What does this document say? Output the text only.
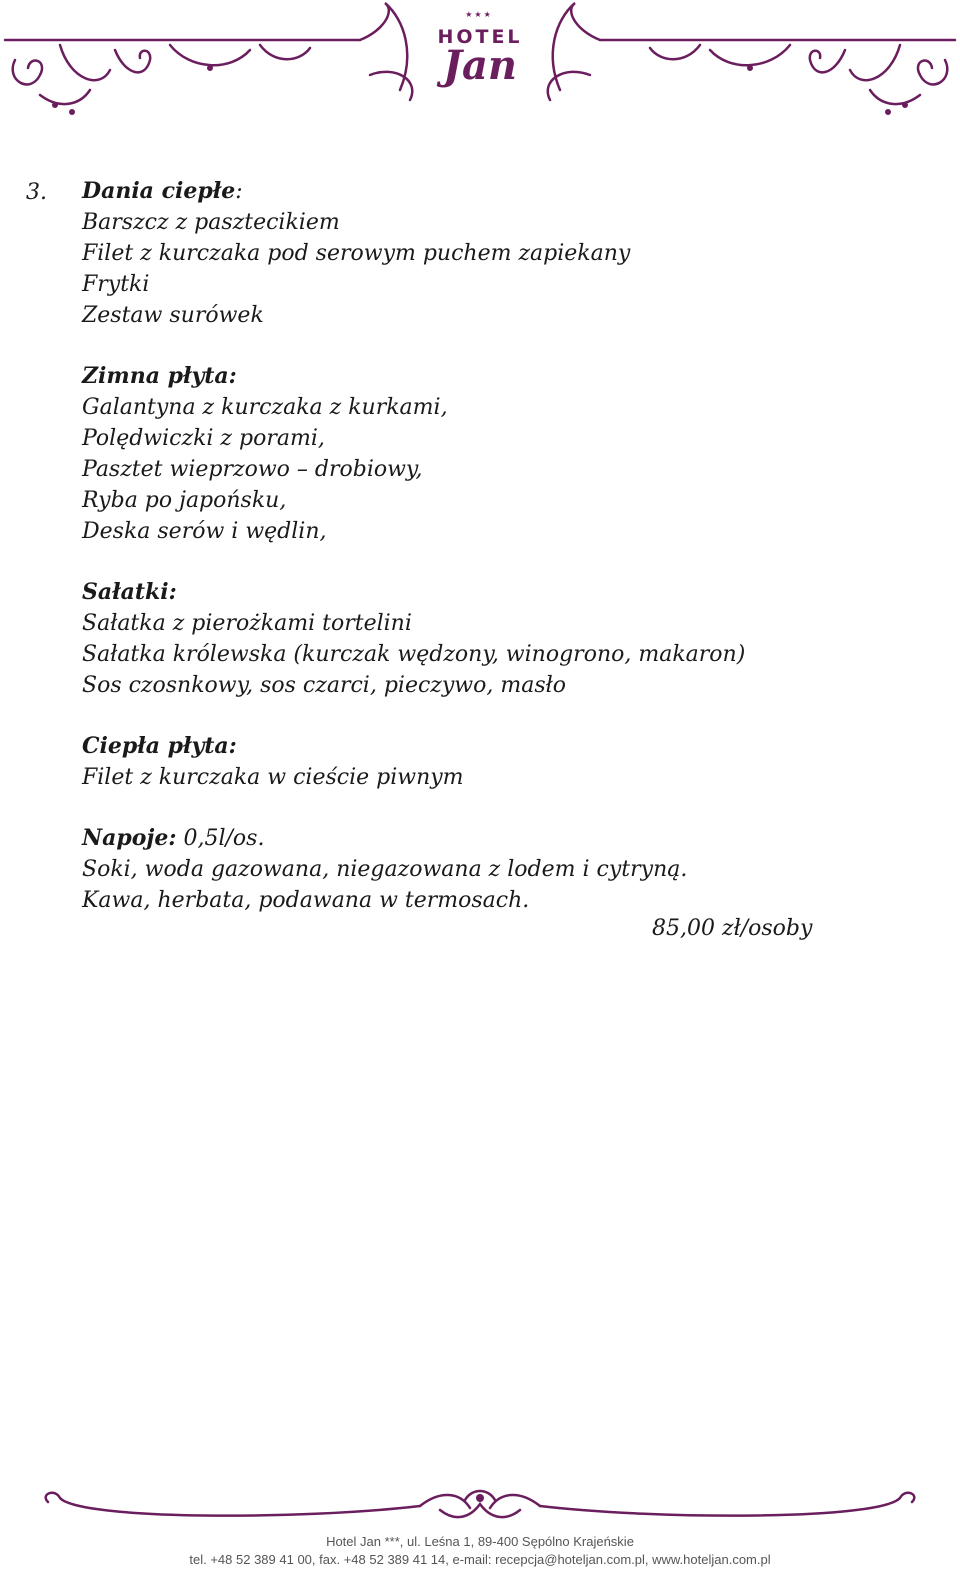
★★★
HOTEL
Jan
3. Dania ciepłe:
Barszcz z pasztecikiem
Filet z kurczaka pod serowym puchem zapiekany
Frytki
Zestaw surówek
Zimna płyta:
Galantyna z kurczaka z kurkami,
Polędwiczki z porami,
Pasztet wieprzowo – drobiowy,
Ryba po japońsku,
Deska serów i wędlin,
Sałatki:
Sałatka z pierożkami tortelini
Sałatka królewska (kurczak wędzony, winogrono, makaron)
Sos czosnkowy, sos czarci, pieczywo, masło
Ciepła płyta:
Filet z kurczaka w cieście piwnym
Napoje: 0,5l/os.
Soki, woda gazowana, niegazowana z lodem i cytryną.
Kawa, herbata, podawana w termosach.
85,00 zł/osoby
Hotel Jan ***, ul. Leśna 1, 89-400 Sępólno Krajeńskie
tel. +48 52 389 41 00, fax. +48 52 389 41 14, e-mail: recepcja@hoteljan.com.pl, www.hoteljan.com.pl
